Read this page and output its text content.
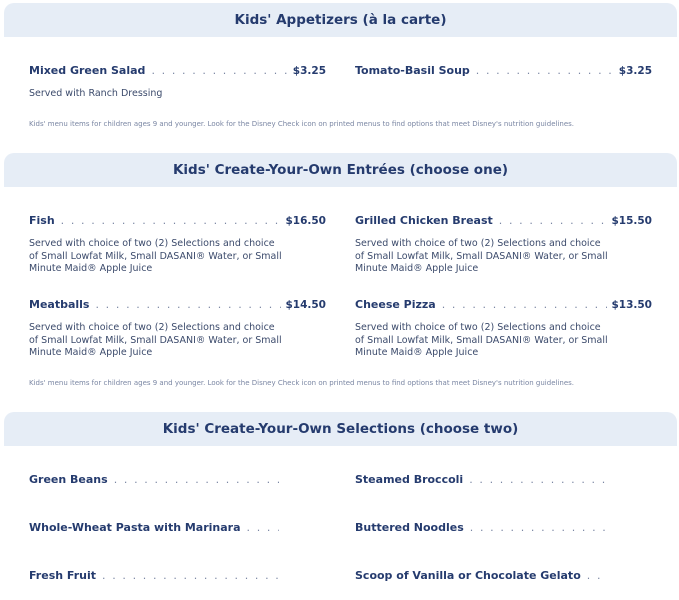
Kids' Appetizers (à la carte)
Mixed Green Salad . . .	$3.25
Served with Ranch Dressing
Tomato-Basil Soup . . .	$3.25
Kids' menu items for children ages 9 and younger. Look for the Disney Check icon on printed menus to find options that meet Disney's nutrition guidelines.
Kids' Create-Your-Own Entrées (choose one)
Fish . . .	$16.50
Served with choice of two (2) Selections and choice of Small Lowfat Milk, Small DASANI® Water, or Small Minute Maid® Apple Juice
Grilled Chicken Breast . . .	$15.50
Served with choice of two (2) Selections and choice of Small Lowfat Milk, Small DASANI® Water, or Small Minute Maid® Apple Juice
Meatballs . . .	$14.50
Served with choice of two (2) Selections and choice of Small Lowfat Milk, Small DASANI® Water, or Small Minute Maid® Apple Juice
Cheese Pizza . . .	$13.50
Served with choice of two (2) Selections and choice of Small Lowfat Milk, Small DASANI® Water, or Small Minute Maid® Apple Juice
Kids' menu items for children ages 9 and younger. Look for the Disney Check icon on printed menus to find options that meet Disney's nutrition guidelines.
Kids' Create-Your-Own Selections (choose two)
Green Beans . . .	Steamed Broccoli
. . .
Whole-Wheat Pasta with Marinara . . .	Buttered Noodles
. . .
Fresh Fruit . . .	Scoop of Vanilla or Chocolate Gelato
. . .
